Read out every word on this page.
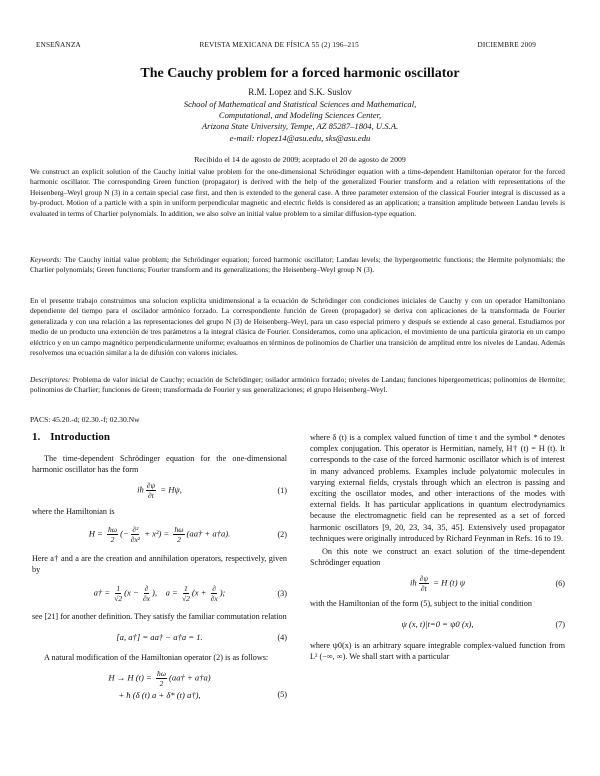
ENSEÑANZA	REVISTA MEXICANA DE FÍSICA 55 (2) 196–215	DICIEMBRE 2009
The Cauchy problem for a forced harmonic oscillator
R.M. Lopez and S.K. Suslov
School of Mathematical and Statistical Sciences and Mathematical,
Computational, and Modeling Sciences Center,
Arizona State University, Tempe, AZ 85287–1804, U.S.A.
e-mail: rlopez14@asu.edu, sks@asu.edu
Recibido el 14 de agosto de 2009; aceptado el 20 de agosto de 2009
We construct an explicit solution of the Cauchy initial value problem for the one-dimensional Schrödinger equation with a time-dependent Hamiltonian operator for the forced harmonic oscillator. The corresponding Green function (propagator) is derived with the help of the generalized Fourier transform and a relation with representations of the Heisenberg–Weyl group N (3) in a certain special case first, and then is extended to the general case. A three parameter extension of the classical Fourier integral is discussed as a by-product. Motion of a particle with a spin in uniform perpendicular magnetic and electric fields is considered as an application; a transition amplitude between Landau levels is evaluated in terms of Charlier polynomials. In addition, we also solve an initial value problem to a similar diffusion-type equation.
Keywords: The Cauchy initial value problem; the Schrödinger equation; forced harmonic oscillator; Landau levels; the hypergeometric functions; the Hermite polynomials; the Charlier polynomials; Green functions; Fourier transform and its generalizations; the Heisenberg–Weyl group N (3).
En el presente trabajo construimos una solucion explícita unidimensional a la ecuación de Schrödinger con condiciones iniciales de Cauchy y con un operador Hamiltoniano dependiente del tiempo para el oscilador armónico forzado. La correspondiente función de Green (propagador) se deriva con aplicaciones de la transformada de Fourier generalizada y con una relación a las representaciones del grupo N (3) de Heisenberg–Weyl, para un caso especial primero y después se extiende al caso general. Estudiamos por medio de un producto una extención de tres parámetros a la integral clásica de Fourier. Consideramos, como una aplicacion, el movimiento de una partícula giratoria en un campo eléctrico y en un campo magnético perpendicularmente uniforme; evaluamos en términos de polinomios de Charlier una transición de amplitud entre los niveles de Landau. Además resolvemos una ecuación similar a la de difusión con valores iniciales.
Descriptores: Problema de valor inicial de Cauchy; ecuación de Schrödinger; osilador armónico forzado; niveles de Landau; funciones hipergeometricas; polinomios de Hermite; polinomios de Charlier; funciones de Green; transformada de Fourier y sus generalizaciones; el grupo Heisenberg–Weyl.
PACS: 45.20.-d; 02.30.-f; 02.30.Nw
1. Introduction

The time-dependent Schrödinger equation for the one-dimensional harmonic oscillator has the form

iħ $\frac{\partial\psi}{\partial t} = H\psi$,	(1)

where the Hamiltonian is

$H = \frac{ħ\omega}{2}$ (− $\frac{\text{∂²}}{\text{∂x²}} + x^2) = \frac{ħ\omega}{2}$ (aa† + a†a).	(2)

Here a† and a are the creation and annihilation operators, respectively, given by

a† = $\frac{1}{√2} (x - \frac{\partial}{\partial x}$ ),    $a = \frac{1}{√2} (x + \frac{\partial}{\partial x}$ );	(3)

see [21] for another definition. They satisfy the familiar commutation relation

[a, a†] = aa† − a†a = 1.	(4)

A natural modification of the Hamiltonian operator (2) is as follows:

H → H $(t) = \frac{ħ\omega}{2}$ (aa† + a†a)
+ ħ (δ (t) a + δ* (t) a†),	(5)

where δ (t) is a complex valued function of time t and the symbol * denotes complex conjugation. This operator is Hermitian, namely, H† (t) = H (t). It corresponds to the case of the forced harmonic oscillator which is of interest in many advanced problems. Examples include polyatomic molecules in varying external fields, crystals through which an electron is passing and exciting the oscillator modes, and other interactions of the modes with external fields. It has particular applications in quantum electrodynamics because the electromagnetic field can be represented as a set of forced harmonic oscillators [9, 20, 23, 34, 35, 45]. Extensively used propagator techniques were originally introduced by Richard Feynman in Refs. 16 to 19.

On this note we construct an exact solution of the time-dependent Schrödinger equation

iħ $\frac{\partial\psi}{\partial t} = H$ (t) ψ	(6)

with the Hamiltonian of the form (5), subject to the initial condition

ψ (x, t)|t=0 = ψ0 (x),	(7)

where ψ0(x) is an arbitrary square integrable complex-valued function from L² (−∞, ∞). We shall start with a particular
